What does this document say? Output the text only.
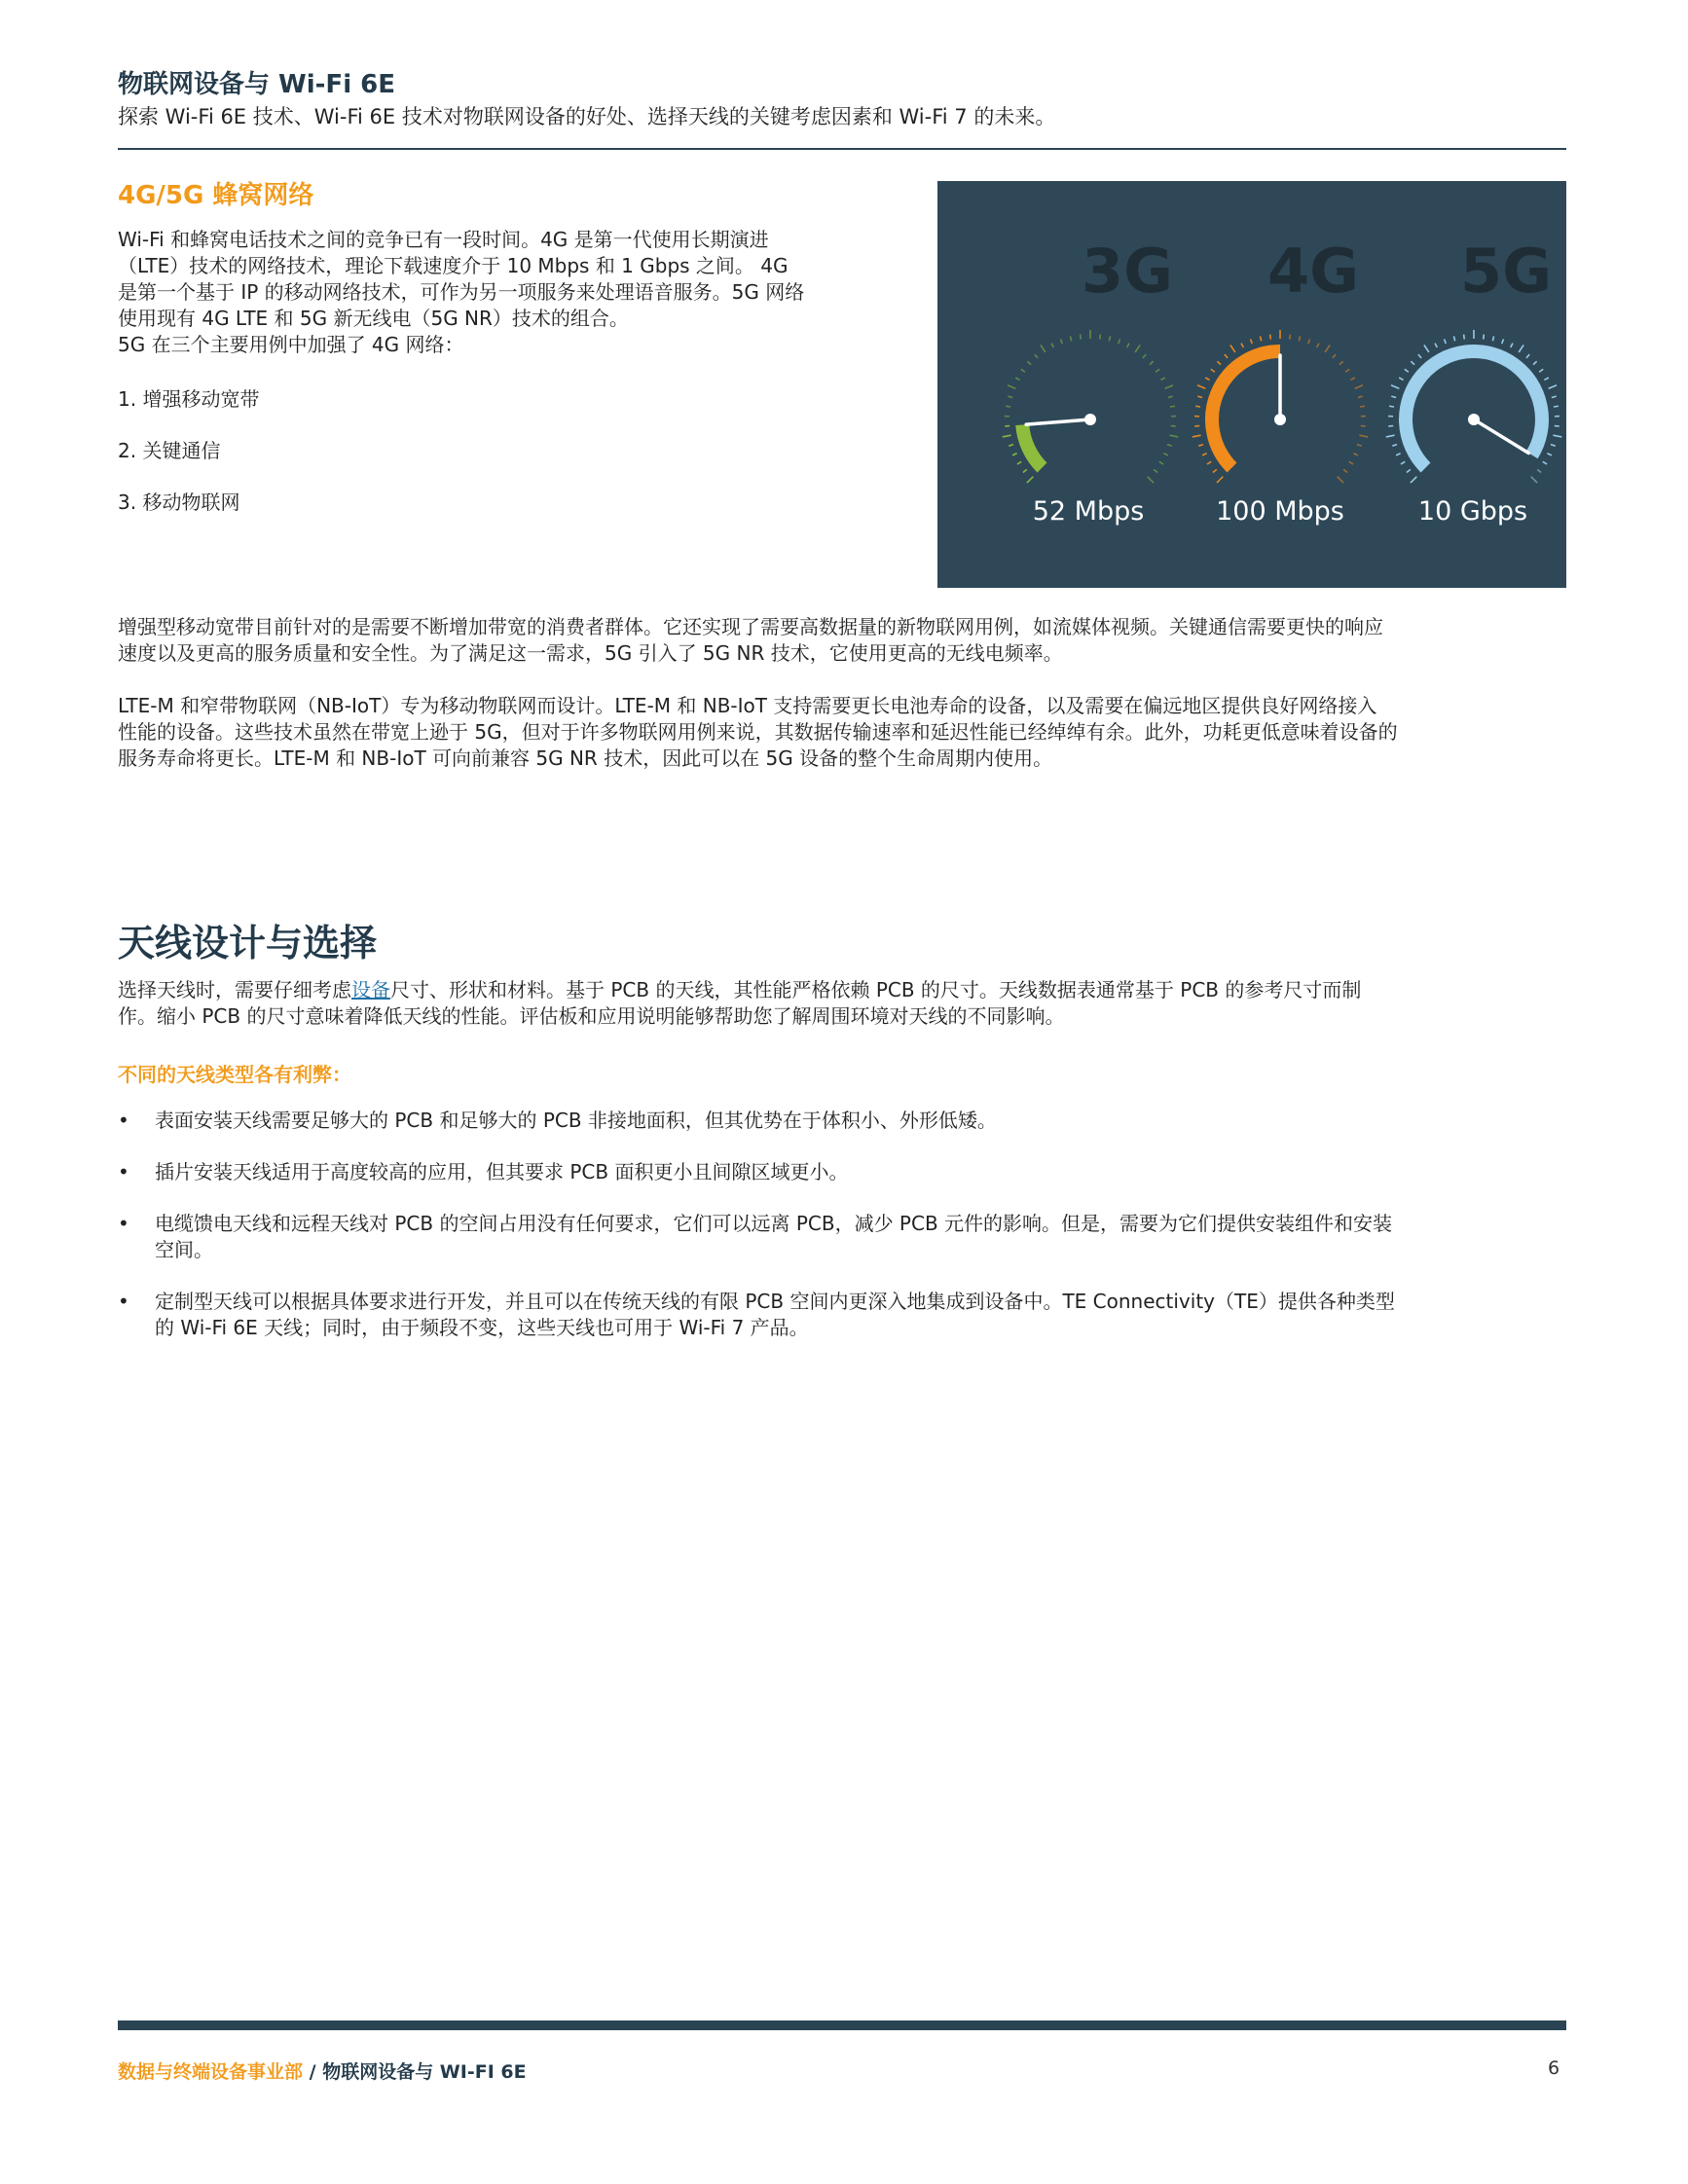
物联网设备与 Wi-Fi 6E
探索 Wi-Fi 6E 技术、Wi-Fi 6E 技术对物联网设备的好处、选择天线的关键考虑因素和 Wi-Fi 7 的未来。
4G/5G 蜂窝网络

Wi-Fi 和蜂窝电话技术之间的竞争已有一段时间。4G 是第一代使用长期演进

（LTE）技术的网络技术，理论下载速度介于 10 Mbps 和 1 Gbps 之间。 4G

是第一个基于 IP 的移动网络技术，可作为另一项服务来处理语音服务。5G 网络

使用现有 4G LTE 和 5G 新无线电（5G NR）技术的组合。

5G 在三个主要用例中加强了 4G 网络：

1. 增强移动宽带
2. 关键通信
3. 移动物联网
3G	4G	5G
52 Mbps	100 Mbps	10 Gbps

增强型移动宽带目前针对的是需要不断增加带宽的消费者群体。它还实现了需要高数据量的新物联网用例，如流媒体视频。关键通信需要更快的响应

速度以及更高的服务质量和安全性。为了满足这一需求，5G 引入了 5G NR 技术，它使用更高的无线电频率。

LTE-M 和窄带物联网（NB-IoT）专为移动物联网而设计。LTE-M 和 NB-IoT 支持需要更长电池寿命的设备，以及需要在偏远地区提供良好网络接入

性能的设备。这些技术虽然在带宽上逊于 5G，但对于许多物联网用例来说，其数据传输速率和延迟性能已经绰绰有余。此外，功耗更低意味着设备的

服务寿命将更长。LTE-M 和 NB-IoT 可向前兼容 5G NR 技术，因此可以在 5G 设备的整个生命周期内使用。

天线设计与选择

选择天线时，需要仔细考虑设备尺寸、形状和材料。基于 PCB 的天线，其性能严格依赖 PCB 的尺寸。天线数据表通常基于 PCB 的参考尺寸而制

作。缩小 PCB 的尺寸意味着降低天线的性能。评估板和应用说明能够帮助您了解周围环境对天线的不同影响。

不同的天线类型各有利弊：
• 表面安装天线需要足够大的 PCB 和足够大的 PCB 非接地面积，但其优势在于体积小、外形低矮。
• 插片安装天线适用于高度较高的应用，但其要求 PCB 面积更小且间隙区域更小。
• 电缆馈电天线和远程天线对 PCB 的空间占用没有任何要求，它们可以远离 PCB，减少 PCB 元件的影响。但是，需要为它们提供安装组件和安装
空间。
• 定制型天线可以根据具体要求进行开发，并且可以在传统天线的有限 PCB 空间内更深入地集成到设备中。TE Connectivity（TE）提供各种类型
的 Wi-Fi 6E 天线；同时，由于频段不变，这些天线也可用于 Wi-Fi 7 产品。
数据与终端设备事业部 / 物联网设备与 WI-FI 6E	6
